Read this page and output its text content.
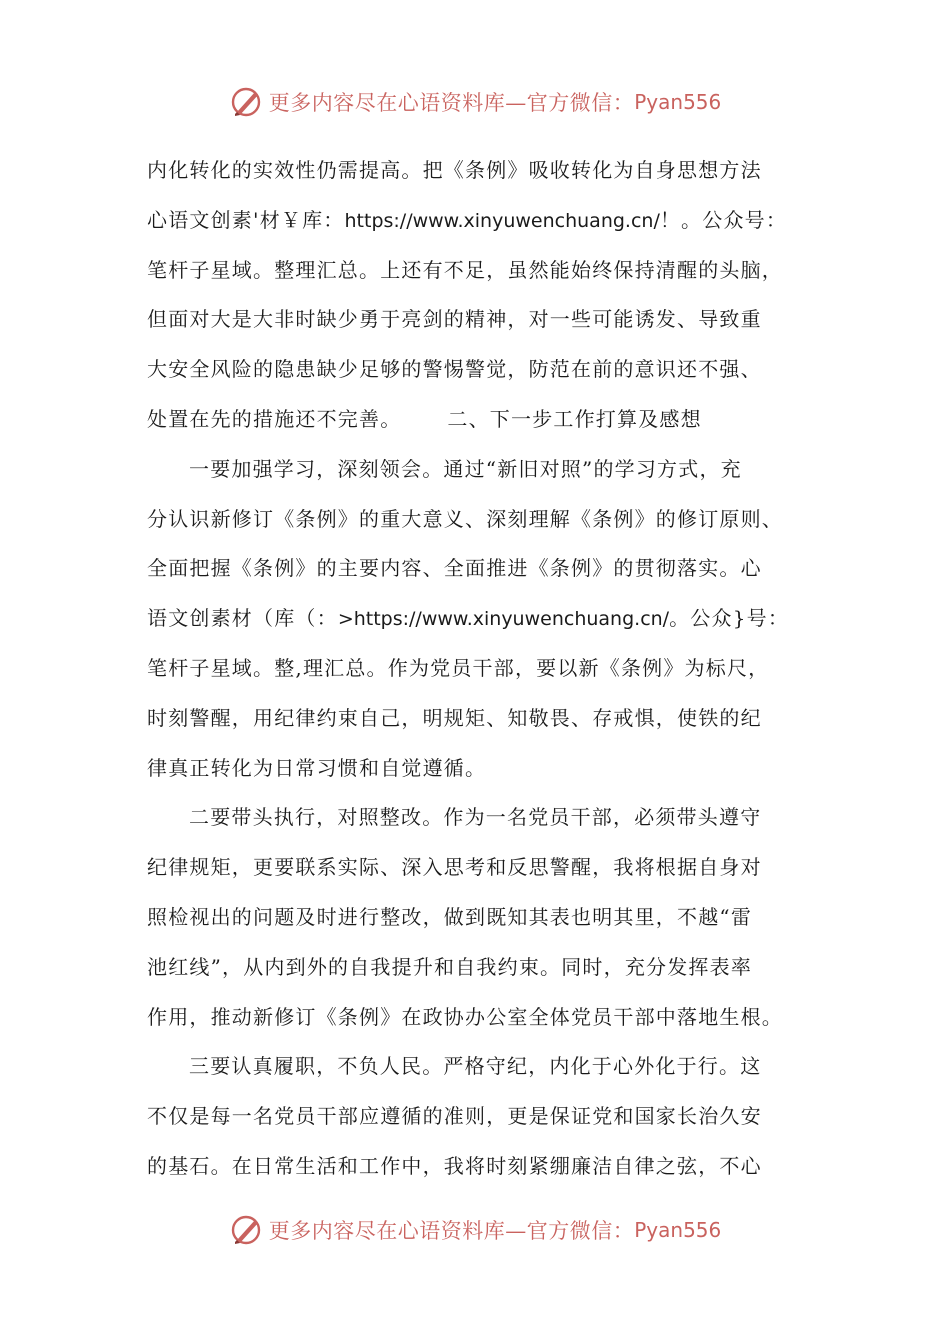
更多内容尽在心语资料库—官方微信： Pyan556
内化转化的实效性仍需提高。把《条例》吸收转化为自身思想方法
心语文创素'材￥库：https://www.xinyuwenchuang.cn/！。公众号：
笔杆子星域。整理汇总。上还有不足，虽然能始终保持清醒的头脑，
但面对大是大非时缺少勇于亮剑的精神，对一些可能诱发、导致重
大安全风险的隐患缺少足够的警惕警觉，防范在前的意识还不强、
处置在先的措施还不完善。 二、下一步工作打算及感想
一要加强学习，深刻领会。通过“新旧对照”的学习方式，充
分认识新修订《条例》的重大意义、深刻理解《条例》的修订原则、
全面把握《条例》的主要内容、全面推进《条例》的贯彻落实。心
语文创素材（库（：>https://www.xinyuwenchuang.cn/。公众}号：
笔杆子星域。整,理汇总。作为党员干部，要以新《条例》为标尺，
时刻警醒，用纪律约束自己，明规矩、知敬畏、存戒惧，使铁的纪
律真正转化为日常习惯和自觉遵循。
二要带头执行，对照整改。作为一名党员干部，必须带头遵守
纪律规矩，更要联系实际、深入思考和反思警醒，我将根据自身对
照检视出的问题及时进行整改，做到既知其表也明其里，不越“雷
池红线”，从内到外的自我提升和自我约束。同时，充分发挥表率
作用，推动新修订《条例》在政协办公室全体党员干部中落地生根。
三要认真履职，不负人民。严格守纪，内化于心外化于行。这
不仅是每一名党员干部应遵循的准则，更是保证党和国家长治久安
的基石。在日常生活和工作中，我将时刻紧绷廉洁自律之弦，不心
更多内容尽在心语资料库—官方微信： Pyan556
